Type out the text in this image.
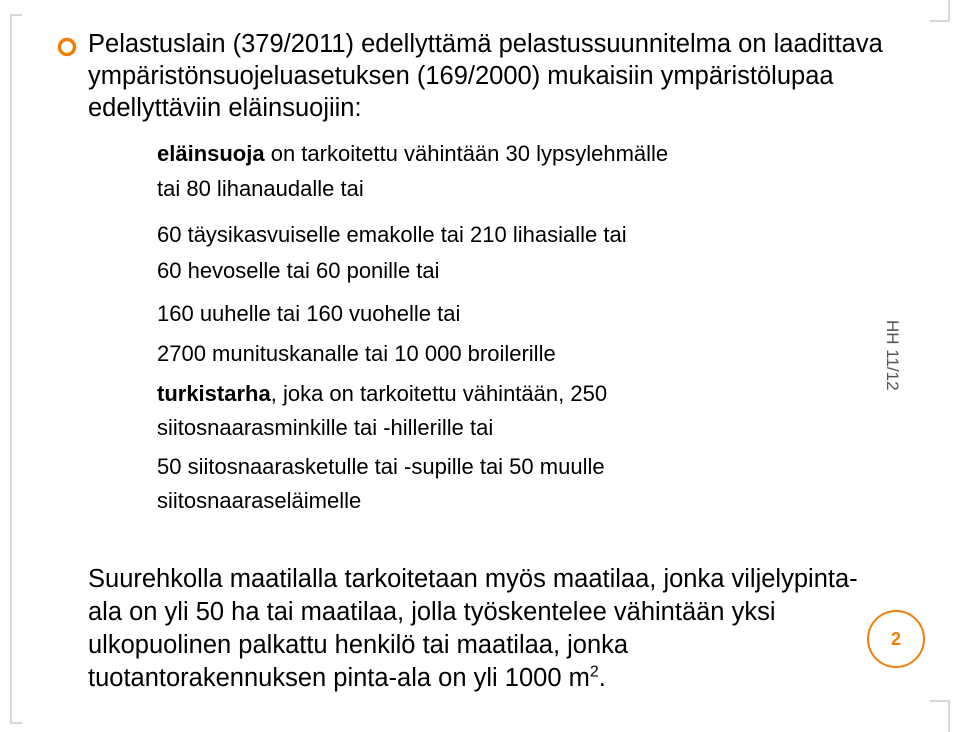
Pelastuslain (379/2011) edellyttämä pelastussuunnitelma on laadittava ympäristönsuojeluasetuksen (169/2000) mukaisiin ympäristölupaa edellyttäviin eläinsuojiin:
eläinsuoja on tarkoitettu vähintään 30 lypsylehmälle
tai 80 lihanaudalle tai
60 täysikasvuiselle emakolle tai 210 lihasialle tai
60 hevoselle tai 60 ponille tai
160 uuhelle tai 160 vuohelle tai
2700 munituskanalle tai 10 000 broilerille
turkistarha, joka on tarkoitettu vähintään, 250 siitosnaarasminkille tai -hillerille tai
50 siitosnaarasketulle tai -supille tai 50 muulle siitosnaaraseläimelle
Suurehkolla maatilalla tarkoitetaan myös maatilaa, jonka viljelypinta-ala on yli 50 ha tai maatilaa, jolla työskentelee vähintään yksi ulkopuolinen palkattu henkilö tai maatilaa, jonka tuotantorakennuksen pinta-ala on yli 1000 $m^2$.
HH 11/12
2
